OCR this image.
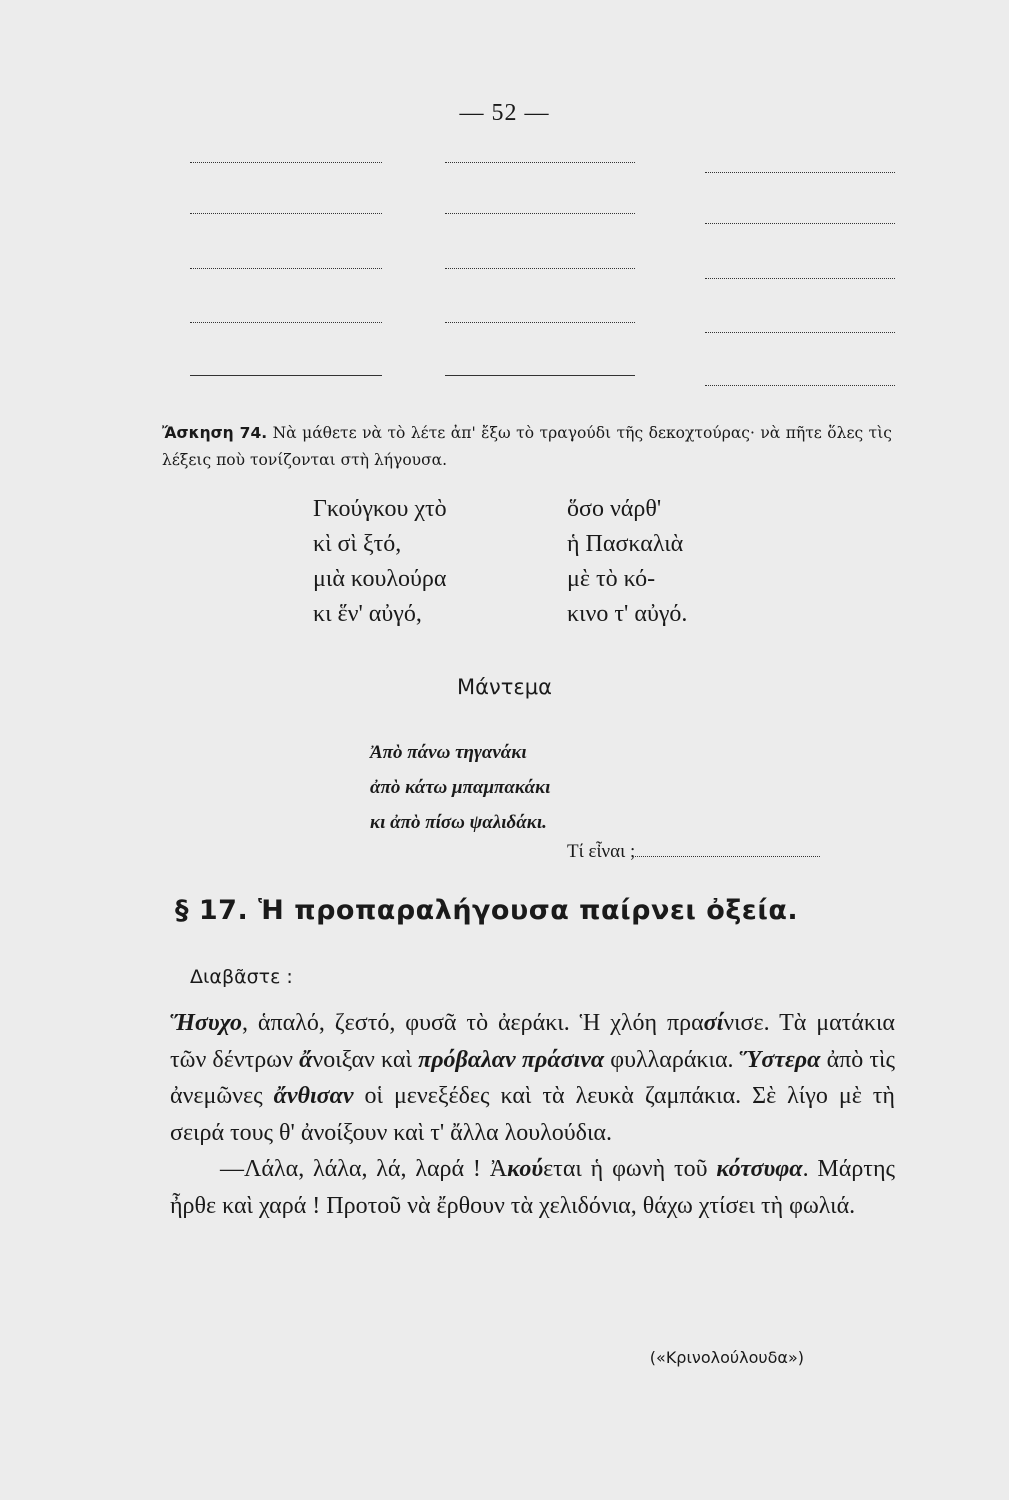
— 52 —
Ἄσκηση 74. Νὰ μάθετε νὰ τὸ λέτε ἀπ' ἔξω τὸ τραγούδι τῆς δεκοχτούρας· νὰ πῆτε ὅλες τὶς λέξεις ποὺ τονίζονται στὴ λήγουσα.
Γκούγκου χτὸ
κὶ σὶ ξτό,
μιὰ κουλούρα
κι ἕν' αὐγό,
ὅσο νάρθ'
ἡ Πασκαλιὰ
μὲ τὸ κό-
κινο τ' αὐγό.
Μάντεμα
Ἀπὸ πάνω τηγανάκι
ἀπὸ κάτω μπαμπακάκι
κι ἀπὸ πίσω ψαλιδάκι.
Τί εἶναι ;
§ 17. Ἡ προπαραλήγουσα παίρνει ὀξεία.
Διαβᾶστε :

Ἥσυχο, ἁπαλό, ζεστό, φυσᾶ τὸ ἀεράκι. Ἡ χλόη πρασίνισε. Τὰ ματάκια τῶν δέντρων ἄνοιξαν καὶ πρόβαλαν πράσινα φυλλαράκια. Ὕστερα ἀπὸ τὶς ἀνεμῶνες ἄνθισαν οἱ μενεξέδες καὶ τὰ λευκὰ ζαμπάκια. Σὲ λίγο μὲ τὴ σειρά τους θ' ἀνοίξουν καὶ τ' ἄλλα λουλούδια.

—Λάλα, λάλα, λά, λαρά ! Ἀκούεται ἡ φωνὴ τοῦ κότσυφα. Μάρτης ἦρθε καὶ χαρά ! Προτοῦ νὰ ἔρθουν τὰ χελιδόνια, θάχω χτίσει τὴ φωλιά.

(«Κρινολούλουδα»)
